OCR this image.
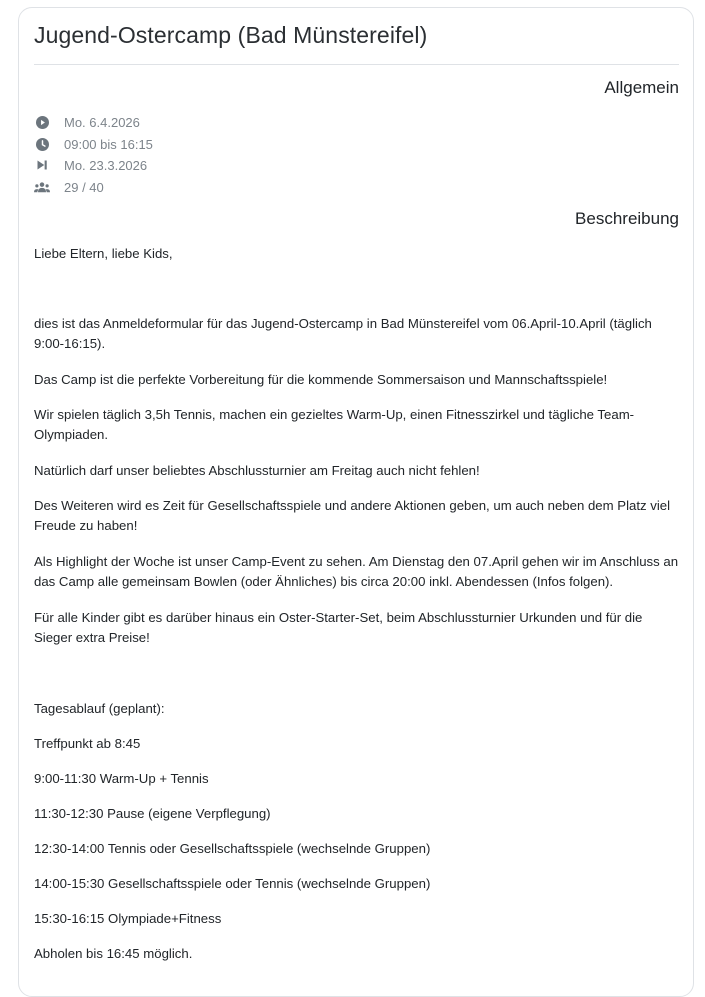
Jugend-Ostercamp (Bad Münstereifel)
Allgemein
Mo. 6.4.2026
09:00 bis 16:15
Mo. 23.3.2026
29 / 40
Beschreibung

Liebe Eltern, liebe Kids,

dies ist das Anmeldeformular für das Jugend-Ostercamp in Bad Münstereifel vom 06.April-10.April (täglich 9:00-16:15).

Das Camp ist die perfekte Vorbereitung für die kommende Sommersaison und Mannschaftsspiele!

Wir spielen täglich 3,5h Tennis, machen ein gezieltes Warm-Up, einen Fitnesszirkel und tägliche Team-Olympiaden.

Natürlich darf unser beliebtes Abschlussturnier am Freitag auch nicht fehlen!

Des Weiteren wird es Zeit für Gesellschaftsspiele und andere Aktionen geben, um auch neben dem Platz viel Freude zu haben!

Als Highlight der Woche ist unser Camp-Event zu sehen. Am Dienstag den 07.April gehen wir im Anschluss an das Camp alle gemeinsam Bowlen (oder Ähnliches) bis circa 20:00 inkl. Abendessen (Infos folgen).

Für alle Kinder gibt es darüber hinaus ein Oster-Starter-Set, beim Abschlussturnier Urkunden und für die Sieger extra Preise!

Tagesablauf (geplant):

Treffpunkt ab 8:45

9:00-11:30 Warm-Up + Tennis

11:30-12:30 Pause (eigene Verpflegung)

12:30-14:00 Tennis oder Gesellschaftsspiele (wechselnde Gruppen)

14:00-15:30 Gesellschaftsspiele oder Tennis (wechselnde Gruppen)

15:30-16:15 Olympiade+Fitness

Abholen bis 16:45 möglich.
